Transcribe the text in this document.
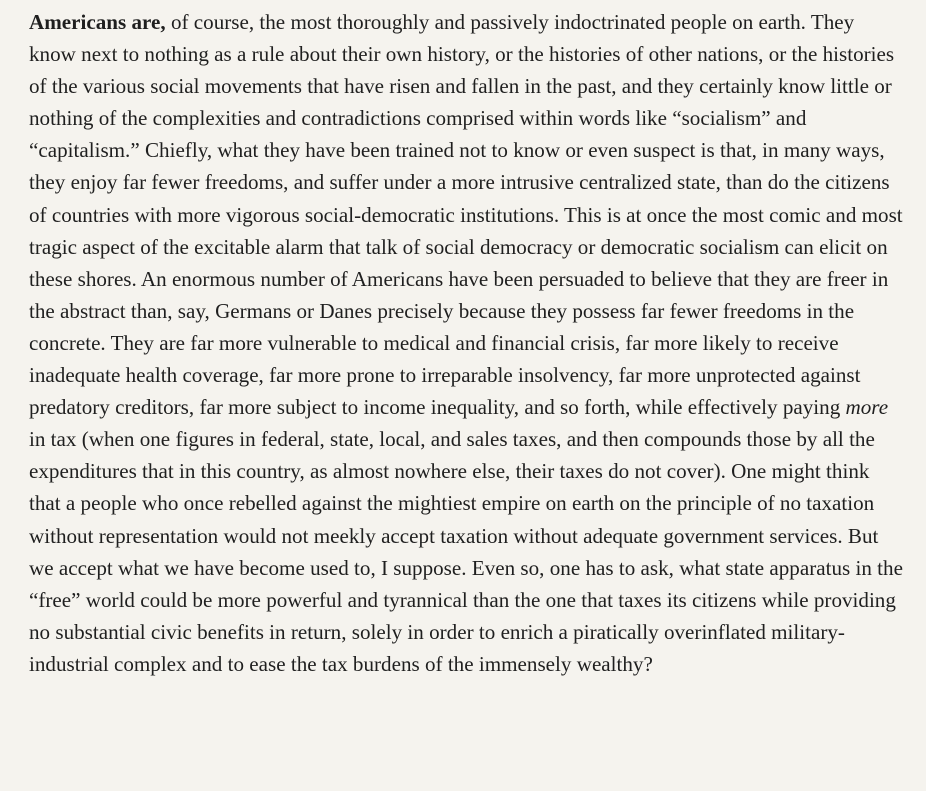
Americans are, of course, the most thoroughly and passively indoctrinated people on earth. They know next to nothing as a rule about their own history, or the histories of other nations, or the histories of the various social movements that have risen and fallen in the past, and they certainly know little or nothing of the complexities and contradictions comprised within words like “socialism” and “capitalism.” Chiefly, what they have been trained not to know or even suspect is that, in many ways, they enjoy far fewer freedoms, and suffer under a more intrusive centralized state, than do the citizens of countries with more vigorous social-democratic institutions. This is at once the most comic and most tragic aspect of the excitable alarm that talk of social democracy or democratic socialism can elicit on these shores. An enormous number of Americans have been persuaded to believe that they are freer in the abstract than, say, Germans or Danes precisely because they possess far fewer freedoms in the concrete. They are far more vulnerable to medical and financial crisis, far more likely to receive inadequate health coverage, far more prone to irreparable insolvency, far more unprotected against predatory creditors, far more subject to income inequality, and so forth, while effectively paying more in tax (when one figures in federal, state, local, and sales taxes, and then compounds those by all the expenditures that in this country, as almost nowhere else, their taxes do not cover). One might think that a people who once rebelled against the mightiest empire on earth on the principle of no taxation without representation would not meekly accept taxation without adequate government services. But we accept what we have become used to, I suppose. Even so, one has to ask, what state apparatus in the “free” world could be more powerful and tyrannical than the one that taxes its citizens while providing no substantial civic benefits in return, solely in order to enrich a piratically overinflated military-industrial complex and to ease the tax burdens of the immensely wealthy?
